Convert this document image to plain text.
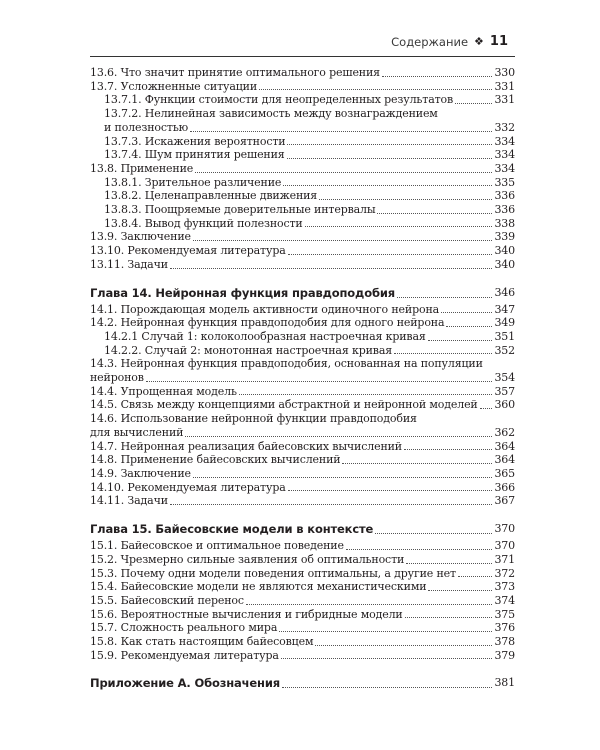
Содержание ❖ 11
13.6. Что значит принятие оптимального решения	330
13.7. Усложненные ситуации	331
13.7.1. Функции стоимости для неопределенных результатов	331
13.7.2. Нелинейная зависимость между вознаграждением
и полезностью	332
13.7.3. Искажения вероятности	334
13.7.4. Шум принятия решения	334
13.8. Применение	334
13.8.1. Зрительное различение	335
13.8.2. Целенаправленные движения	336
13.8.3. Поощряемые доверительные интервалы	336
13.8.4. Вывод функций полезности	338
13.9. Заключение	339
13.10. Рекомендуемая литература	340
13.11. Задачи	340
Глава 14. Нейронная функция правдоподобия	346
14.1. Порождающая модель активности одиночного нейрона	347
14.2. Нейронная функция правдоподобия для одного нейрона	349
14.2.1 Случай 1: колоколообразная настроечная кривая	351
14.2.2. Случай 2: монотонная настроечная кривая	352
14.3. Нейронная функция правдоподобия, основанная на популяции
нейронов	354
14.4. Упрощенная модель	357
14.5. Связь между концепциями абстрактной и нейронной моделей 360
14.6. Использование нейронной функции правдоподобия
для вычислений	362
14.7. Нейронная реализация байесовских вычислений	364
14.8. Применение байесовских вычислений	364
14.9. Заключение	365
14.10. Рекомендуемая литература	366
14.11. Задачи	367
Глава 15. Байесовские модели в контексте	370
15.1. Байесовское и оптимальное поведение	370
15.2. Чрезмерно сильные заявления об оптимальности	371
15.3. Почему одни модели поведения оптимальны, а другие нет	372
15.4. Байесовские модели не являются механистическими	373
15.5. Байесовский перенос	374
15.6. Вероятностные вычисления и гибридные модели	375
15.7. Сложность реального мира	376
15.8. Как стать настоящим байесовцем	378
15.9. Рекомендуемая литература	379
Приложение А. Обозначения	381
